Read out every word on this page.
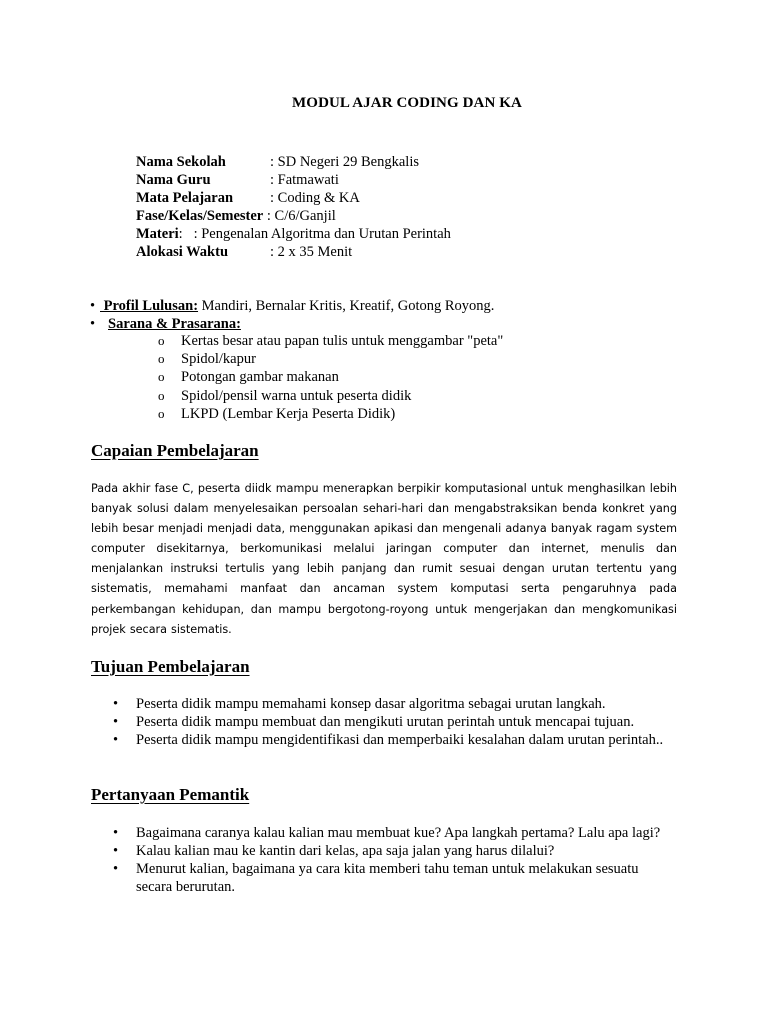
MODUL AJAR CODING DAN KA
Nama Sekolah	: SD Negeri 29 Bengkalis
Nama Guru	: Fatmawati
Mata Pelajaran	: Coding & KA
Fase/Kelas/Semester : C/6/Ganjil
Materi:   : Pengenalan Algoritma dan Urutan Perintah
Alokasi Waktu	: 2 x 35 Menit
• Profil Lulusan: Mandiri, Bernalar Kritis, Kreatif, Gotong Royong.
• Sarana & Prasarana:
o Kertas besar atau papan tulis untuk menggambar "peta"
o Spidol/kapur
o Potongan gambar makanan
o Spidol/pensil warna untuk peserta didik
o LKPD (Lembar Kerja Peserta Didik)
Capaian Pembelajaran
Pada akhir fase C, peserta diidk mampu menerapkan berpikir komputasional untuk menghasilkan lebih banyak solusi dalam menyelesaikan persoalan sehari-hari dan mengabstraksikan benda konkret yang lebih besar menjadi menjadi data, menggunakan apikasi dan mengenali adanya banyak ragam system computer disekitarnya, berkomunikasi melalui jaringan computer dan internet, menulis dan menjalankan instruksi tertulis yang lebih panjang dan rumit sesuai dengan urutan tertentu yang sistematis, memahami manfaat dan ancaman system komputasi serta pengaruhnya pada perkembangan kehidupan, dan mampu bergotong-royong untuk mengerjakan dan mengkomunikasi projek secara sistematis.
Tujuan Pembelajaran
• Peserta didik mampu memahami konsep dasar algoritma sebagai urutan langkah.
• Peserta didik mampu membuat dan mengikuti urutan perintah untuk mencapai tujuan.
• Peserta didik mampu mengidentifikasi dan memperbaiki kesalahan dalam urutan perintah..
Pertanyaan Pemantik
• Bagaimana caranya kalau kalian mau membuat kue? Apa langkah pertama? Lalu apa lagi?
• Kalau kalian mau ke kantin dari kelas, apa saja jalan yang harus dilalui?
• Menurut kalian, bagaimana ya cara kita memberi tahu teman untuk melakukan sesuatu secara berurutan.
